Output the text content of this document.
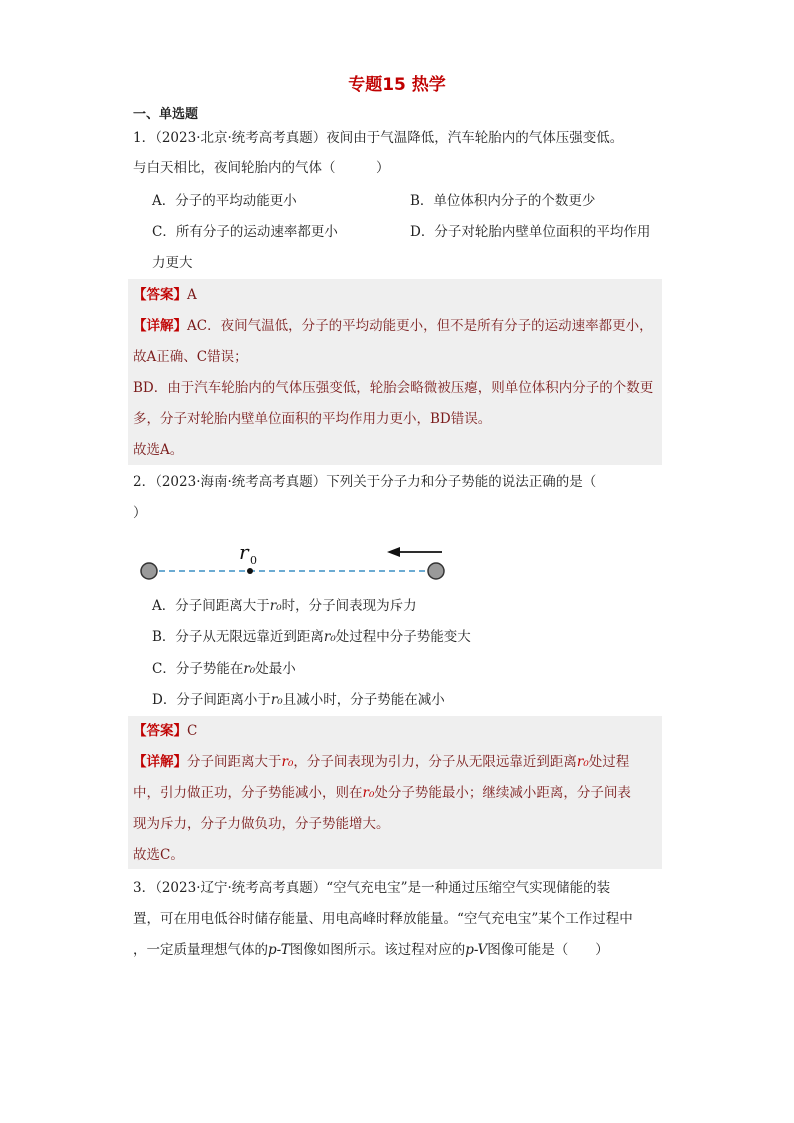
专题15 热学
一、单选题
1．（2023·北京·统考高考真题）夜间由于气温降低，汽车轮胎内的气体压强变低。
与白天相比，夜间轮胎内的气体（　　　）
A．分子的平均动能更小	B．单位体积内分子的个数更少
C．所有分子的运动速率都更小	D．分子对轮胎内壁单位面积的平均作用
力更大
【答案】A
【详解】AC．夜间气温低，分子的平均动能更小，但不是所有分子的运动速率都更小，
故A正确、C错误；
BD．由于汽车轮胎内的气体压强变低，轮胎会略微被压瘪，则单位体积内分子的个数更
多，分子对轮胎内壁单位面积的平均作用力更小，BD错误。
故选A。
2．（2023·海南·统考高考真题）下列关于分子力和分子势能的说法正确的是（
）
r 0
A．分子间距离大于r₀时，分子间表现为斥力
B．分子从无限远靠近到距离r₀处过程中分子势能变大
C．分子势能在r₀处最小
D．分子间距离小于r₀且减小时，分子势能在减小
【答案】C
【详解】分子间距离大于r₀，分子间表现为引力，分子从无限远靠近到距离r₀处过程
中，引力做正功，分子势能减小，则在r₀处分子势能最小；继续减小距离，分子间表
现为斥力，分子力做负功，分子势能增大。
故选C。
3．（2023·辽宁·统考高考真题）“空气充电宝”是一种通过压缩空气实现储能的装
置，可在用电低谷时储存能量、用电高峰时释放能量。“空气充电宝”某个工作过程中
，一定质量理想气体的p-T图像如图所示。该过程对应的p-V图像可能是（　　）
